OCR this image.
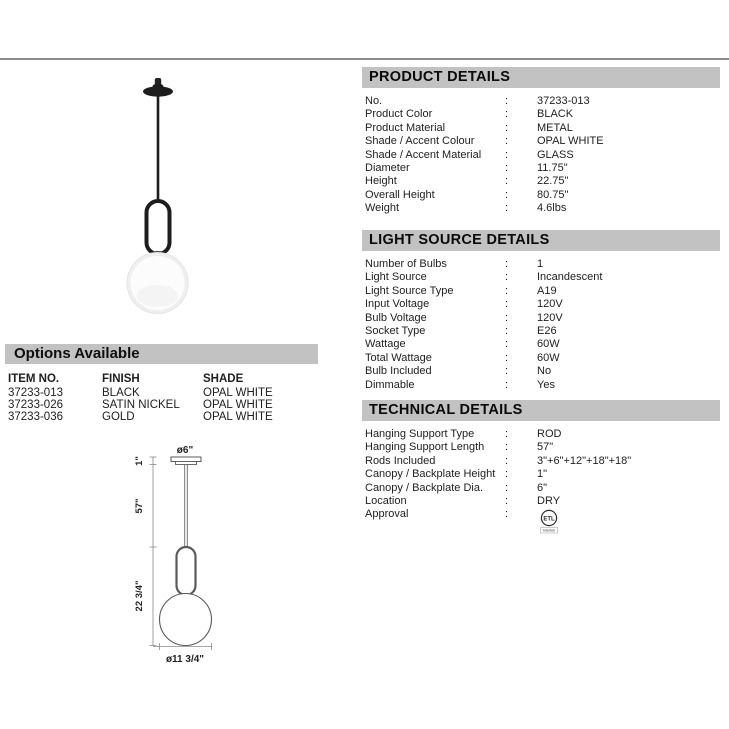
Options Available
ITEM NO.	FINISH	SHADE
37233-013	BLACK	OPAL WHITE
37233-026	SATIN NICKEL	OPAL WHITE
37233-036	GOLD	OPAL WHITE
ø6"
1"
57"
22 3/4"
ø11 3/4"
PRODUCT DETAILS
No.	:	37233-013
Product Color	:	BLACK
Product Material	:	METAL
Shade / Accent Colour	:	OPAL WHITE
Shade / Accent Material	:	GLASS
Diameter	:	11.75"
Height	:	22.75"
Overall Height	:	80.75"
Weight	:	4.6lbs
LIGHT SOURCE DETAILS
Number of Bulbs	:	1
Light Source	:	Incandescent
Light Source Type	:	A19
Input Voltage	:	120V
Bulb Voltage	:	120V
Socket Type	:	E26
Wattage	:	60W
Total Wattage	:	60W
Bulb Included	:	No
Dimmable	:	Yes
TECHNICAL DETAILS
Hanging Support Type	:	ROD
Hanging Support Length	:	57"
Rods Included	:	3"+6"+12"+18"+18"
Canopy / Backplate Height :	1"
Canopy / Backplate Dia.	:	6"
Location	:	DRY
Approval	:	ETL
Intertek
